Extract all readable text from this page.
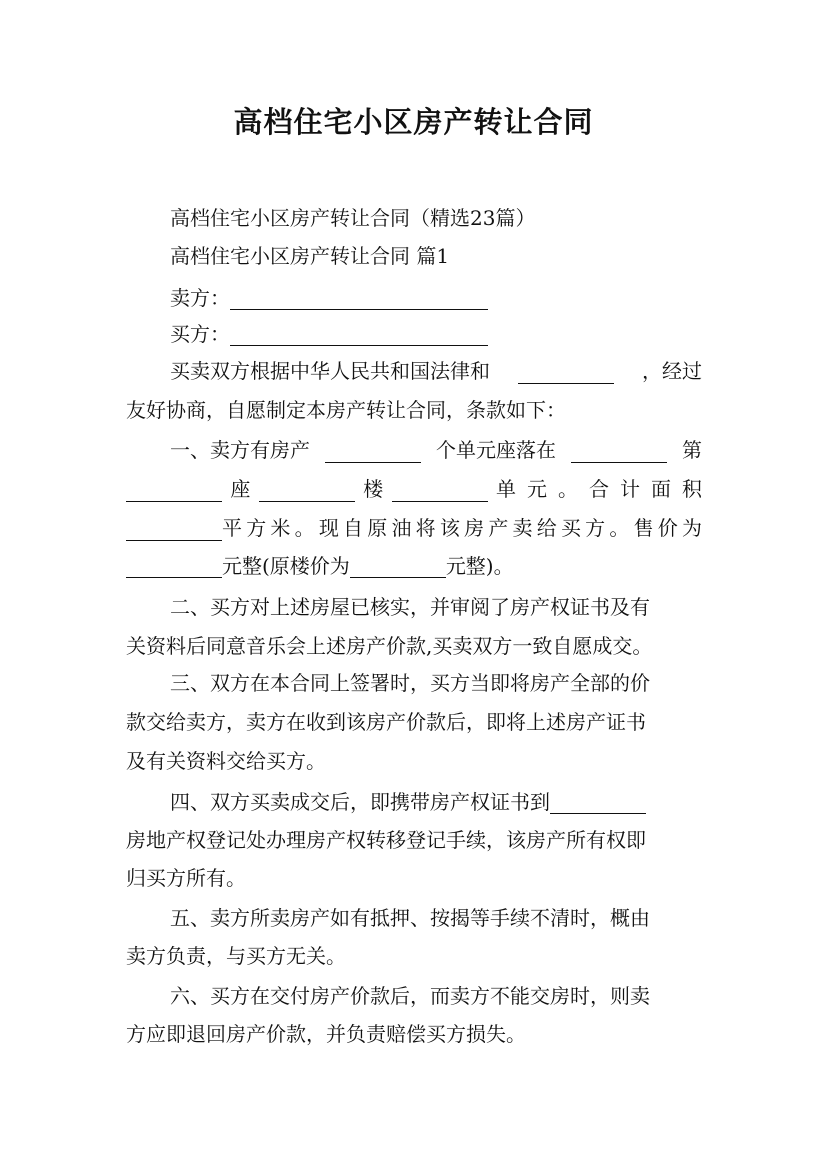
高档住宅小区房产转让合同
高档住宅小区房产转让合同（精选23篇）
高档住宅小区房产转让合同 篇1
卖方：
买方：
买卖双方根据中华人民共和国法律和	，经过
友好协商，自愿制定本房产转让合同，条款如下：
一、卖方有房产	个单元座落在	第
座	楼	单元。合计面积
平方米。现自原油将该房产卖给买方。售价为
元整(原楼价为	元整)。
二、买方对上述房屋已核实，并审阅了房产权证书及有
关资料后同意音乐会上述房产价款,买卖双方一致自愿成交。
三、双方在本合同上签署时，买方当即将房产全部的价
款交给卖方，卖方在收到该房产价款后，即将上述房产证书
及有关资料交给买方。
四、双方买卖成交后，即携带房产权证书到
房地产权登记处办理房产权转移登记手续，该房产所有权即
归买方所有。
五、卖方所卖房产如有抵押、按揭等手续不清时，概由
卖方负责，与买方无关。
六、买方在交付房产价款后，而卖方不能交房时，则卖
方应即退回房产价款，并负责赔偿买方损失。
